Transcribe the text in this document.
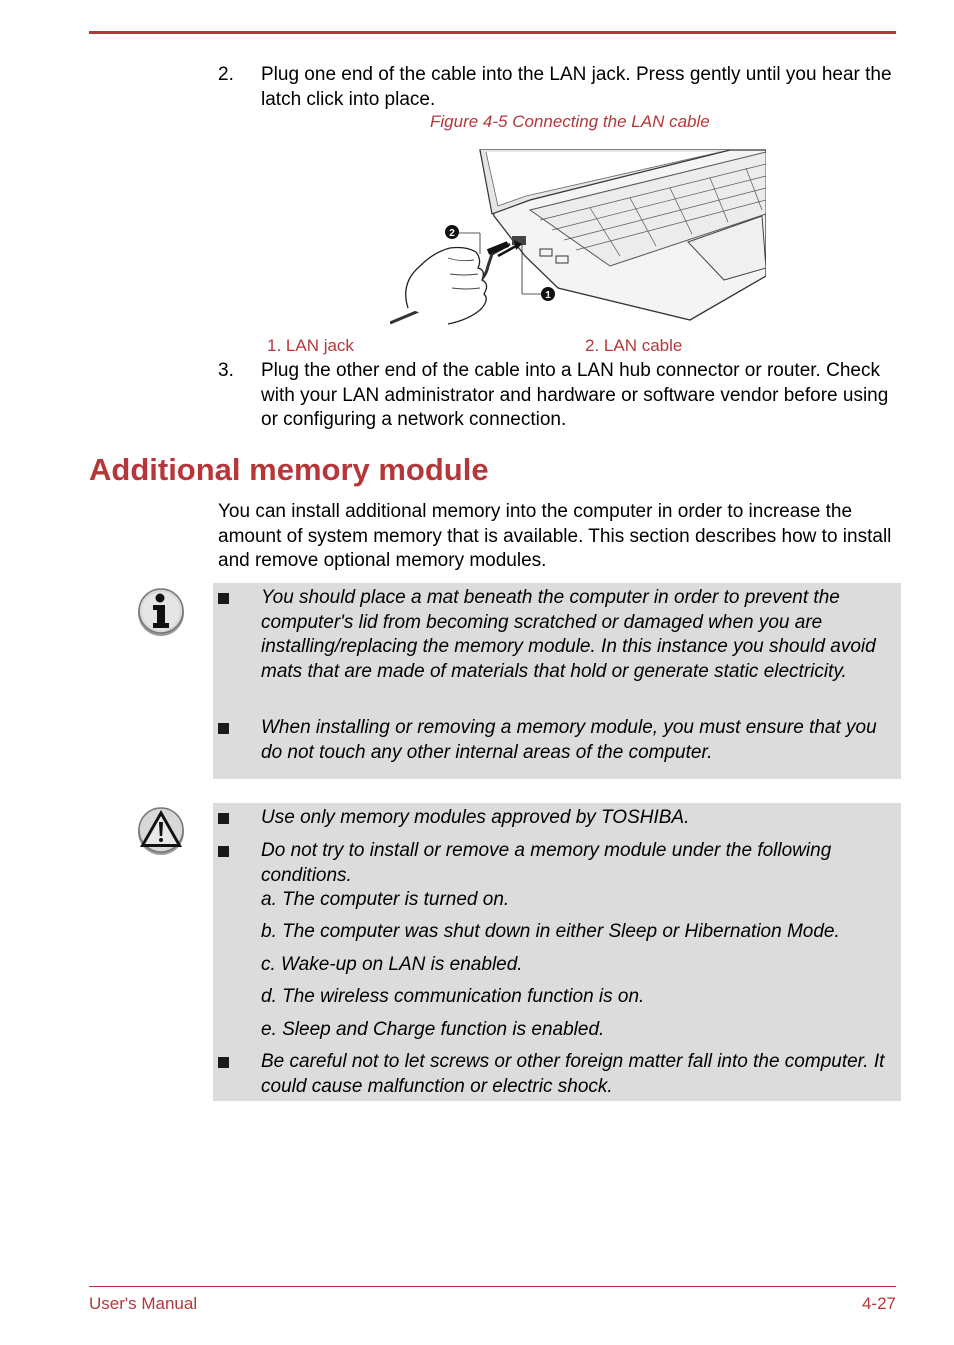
2. Plug one end of the cable into the LAN jack. Press gently until you hear the latch click into place.
Figure 4-5 Connecting the LAN cable
2
1
1. LAN jack	2. LAN cable
3. Plug the other end of the cable into a LAN hub connector or router. Check with your LAN administrator and hardware or software vendor before using or configuring a network connection.
Additional memory module

You can install additional memory into the computer in order to increase the amount of system memory that is available. This section describes how to install and remove optional memory modules.

You should place a mat beneath the computer in order to prevent the computer's lid from becoming scratched or damaged when you are installing/replacing the memory module. In this instance you should avoid mats that are made of materials that hold or generate static electricity.
When installing or removing a memory module, you must ensure that you do not touch any other internal areas of the computer.
Use only memory modules approved by TOSHIBA.
Do not try to install or remove a memory module under the following conditions.
a. The computer is turned on.
b. The computer was shut down in either Sleep or Hibernation Mode.
c. Wake-up on LAN is enabled.
d. The wireless communication function is on.
e. Sleep and Charge function is enabled.
Be careful not to let screws or other foreign matter fall into the computer. It could cause malfunction or electric shock.
User's Manual	4-27
